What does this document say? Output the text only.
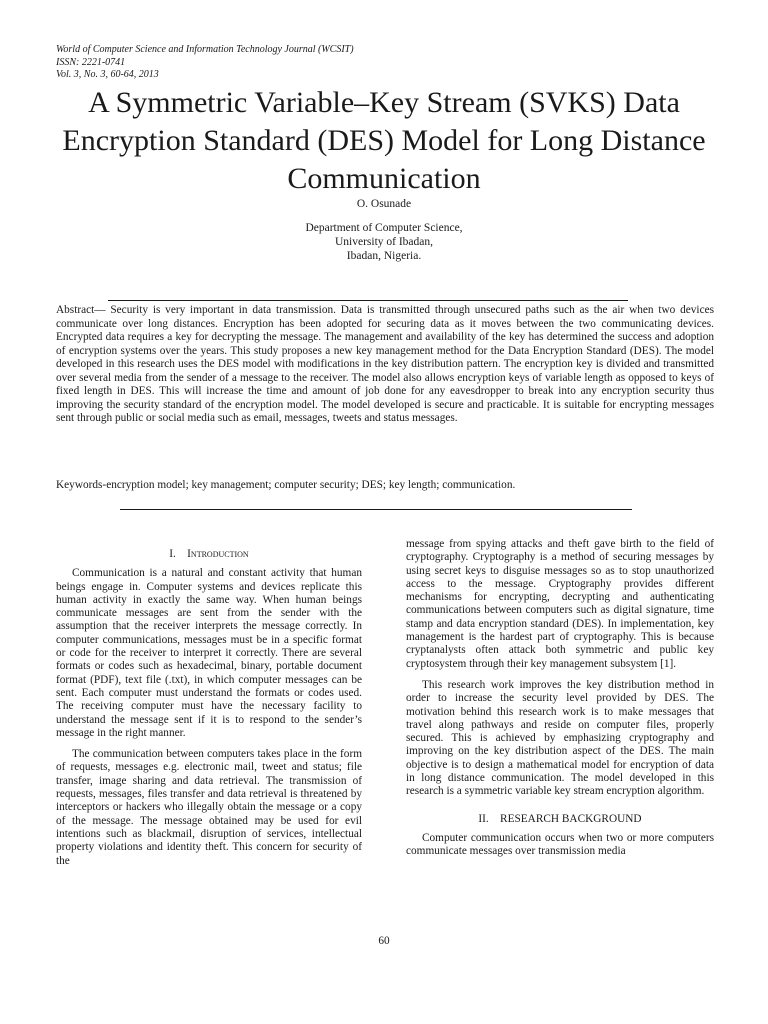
World of Computer Science and Information Technology Journal (WCSIT)
ISSN: 2221-0741
Vol. 3, No. 3, 60-64, 2013
A Symmetric Variable–Key Stream (SVKS) Data Encryption Standard (DES) Model for Long Distance Communication
O. Osunade
Department of Computer Science,
University of Ibadan,
Ibadan, Nigeria.

Abstract— Security is very important in data transmission. Data is transmitted through unsecured paths such as the air when two devices communicate over long distances. Encryption has been adopted for securing data as it moves between the two communicating devices. Encrypted data requires a key for decrypting the message. The management and availability of the key has determined the success and adoption of encryption systems over the years. This study proposes a new key management method for the Data Encryption Standard (DES). The model developed in this research uses the DES model with modifications in the key distribution pattern. The encryption key is divided and transmitted over several media from the sender of a message to the receiver. The model also allows encryption keys of variable length as opposed to keys of fixed length in DES. This will increase the time and amount of job done for any eavesdropper to break into any encryption security thus improving the security standard of the encryption model. The model developed is secure and practicable. It is suitable for encrypting messages sent through public or social media such as email, messages, tweets and status messages.

Keywords-encryption model; key management; computer security; DES; key length; communication.

I. Introduction

Communication is a natural and constant activity that human beings engage in. Computer systems and devices replicate this human activity in exactly the same way. When human beings communicate messages are sent from the sender with the assumption that the receiver interprets the message correctly. In computer communications, messages must be in a specific format or code for the receiver to interpret it correctly. There are several formats or codes such as hexadecimal, binary, portable document format (PDF), text file (.txt), in which computer messages can be sent. Each computer must understand the formats or codes used. The receiving computer must have the necessary facility to understand the message sent if it is to respond to the sender’s message in the right manner.

The communication between computers takes place in the form of requests, messages e.g. electronic mail, tweet and status; file transfer, image sharing and data retrieval. The transmission of requests, messages, files transfer and data retrieval is threatened by interceptors or hackers who illegally obtain the message or a copy of the message. The message obtained may be used for evil intentions such as blackmail, disruption of services, intellectual property violations and identity theft. This concern for security of the

message from spying attacks and theft gave birth to the field of cryptography. Cryptography is a method of securing messages by using secret keys to disguise messages so as to stop unauthorized access to the message. Cryptography provides different mechanisms for encrypting, decrypting and authenticating communications between computers such as digital signature, time stamp and data encryption standard (DES). In implementation, key management is the hardest part of cryptography. This is because cryptanalysts often attack both symmetric and public key cryptosystem through their key management subsystem [1].

This research work improves the key distribution method in order to increase the security level provided by DES. The motivation behind this research work is to make messages that travel along pathways and reside on computer files, properly secured. This is achieved by emphasizing cryptography and improving on the key distribution aspect of the DES. The main objective is to design a mathematical model for encryption of data in long distance communication. The model developed in this research is a symmetric variable key stream encryption algorithm.

II. RESEARCH BACKGROUND

Computer communication occurs when two or more computers communicate messages over transmission media

60
